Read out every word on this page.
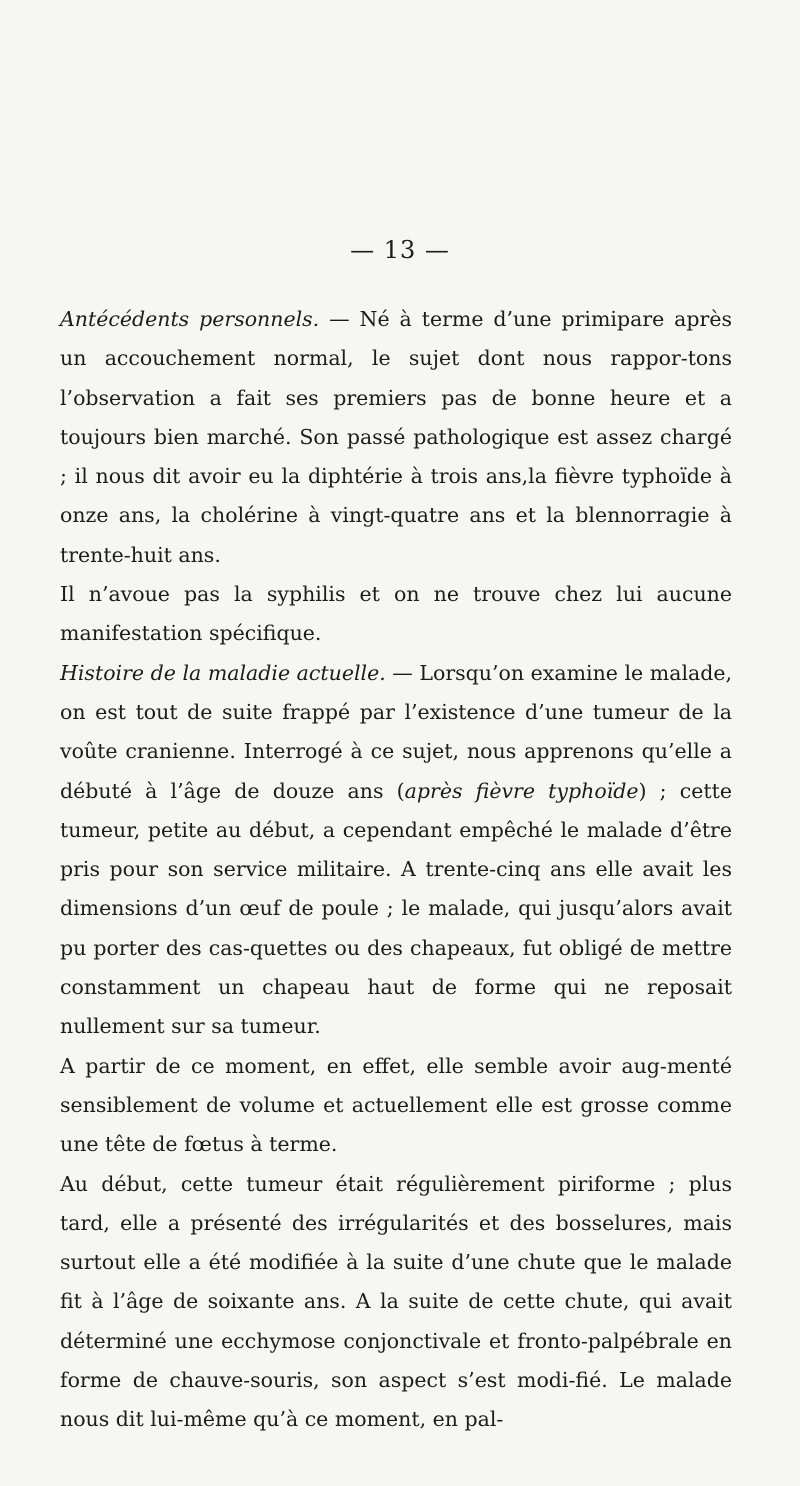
— 13 —

Antécédents personnels. — Né à terme d’une primipare après un accouchement normal, le sujet dont nous rappor-tons l’observation a fait ses premiers pas de bonne heure et a toujours bien marché. Son passé pathologique est assez chargé ; il nous dit avoir eu la diphtérie à trois ans,la fièvre typhoïde à onze ans, la cholérine à vingt-quatre ans et la blennorragie à trente-huit ans.

Il n’avoue pas la syphilis et on ne trouve chez lui aucune manifestation spécifique.

Histoire de la maladie actuelle. — Lorsqu’on examine le malade, on est tout de suite frappé par l’existence d’une tumeur de la voûte cranienne. Interrogé à ce sujet, nous apprenons qu’elle a débuté à l’âge de douze ans (après fièvre typhoïde) ; cette tumeur, petite au début, a cependant empêché le malade d’être pris pour son service militaire. A trente-cinq ans elle avait les dimensions d’un œuf de poule ; le malade, qui jusqu’alors avait pu porter des cas-quettes ou des chapeaux, fut obligé de mettre constamment un chapeau haut de forme qui ne reposait nullement sur sa tumeur.

A partir de ce moment, en effet, elle semble avoir aug-menté sensiblement de volume et actuellement elle est grosse comme une tête de fœtus à terme.

Au début, cette tumeur était régulièrement piriforme ; plus tard, elle a présenté des irrégularités et des bosselures, mais surtout elle a été modifiée à la suite d’une chute que le malade fit à l’âge de soixante ans. A la suite de cette chute, qui avait déterminé une ecchymose conjonctivale et fronto-palpébrale en forme de chauve-souris, son aspect s’est modi-fié. Le malade nous dit lui-même qu’à ce moment, en pal-
